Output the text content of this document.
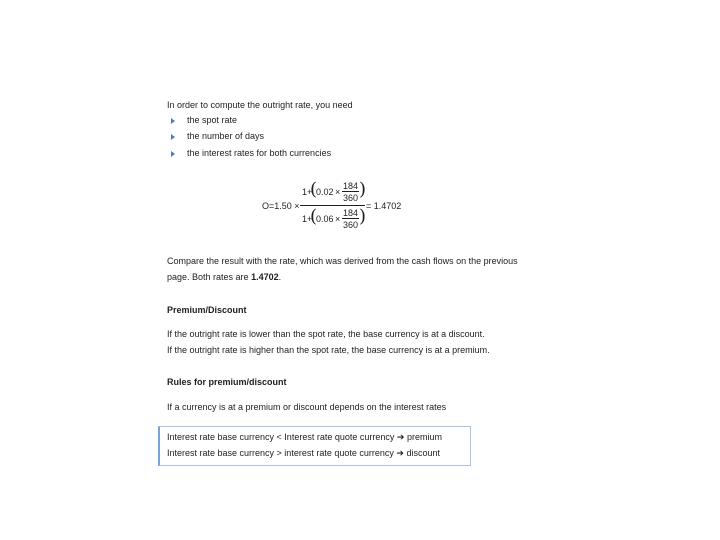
In order to compute the outright rate, you need
the spot rate
the number of days
the interest rates for both currencies
O=1.50 ×
1+
(
0.02 ×
184
360 )
1+
(
0.06 ×
184
360 ) = 1.4702
Compare the result with the rate, which was derived from the cash flows on the previous
page. Both rates are 1.4702.
Premium/Discount
If the outright rate is lower than the spot rate, the base currency is at a discount.
If the outright rate is higher than the spot rate, the base currency is at a premium.
Rules for premium/discount
If a currency is at a premium or discount depends on the interest rates
Interest rate base currency < Interest rate quote currency ➔ premium
Interest rate base currency > interest rate quote currency ➔ discount
